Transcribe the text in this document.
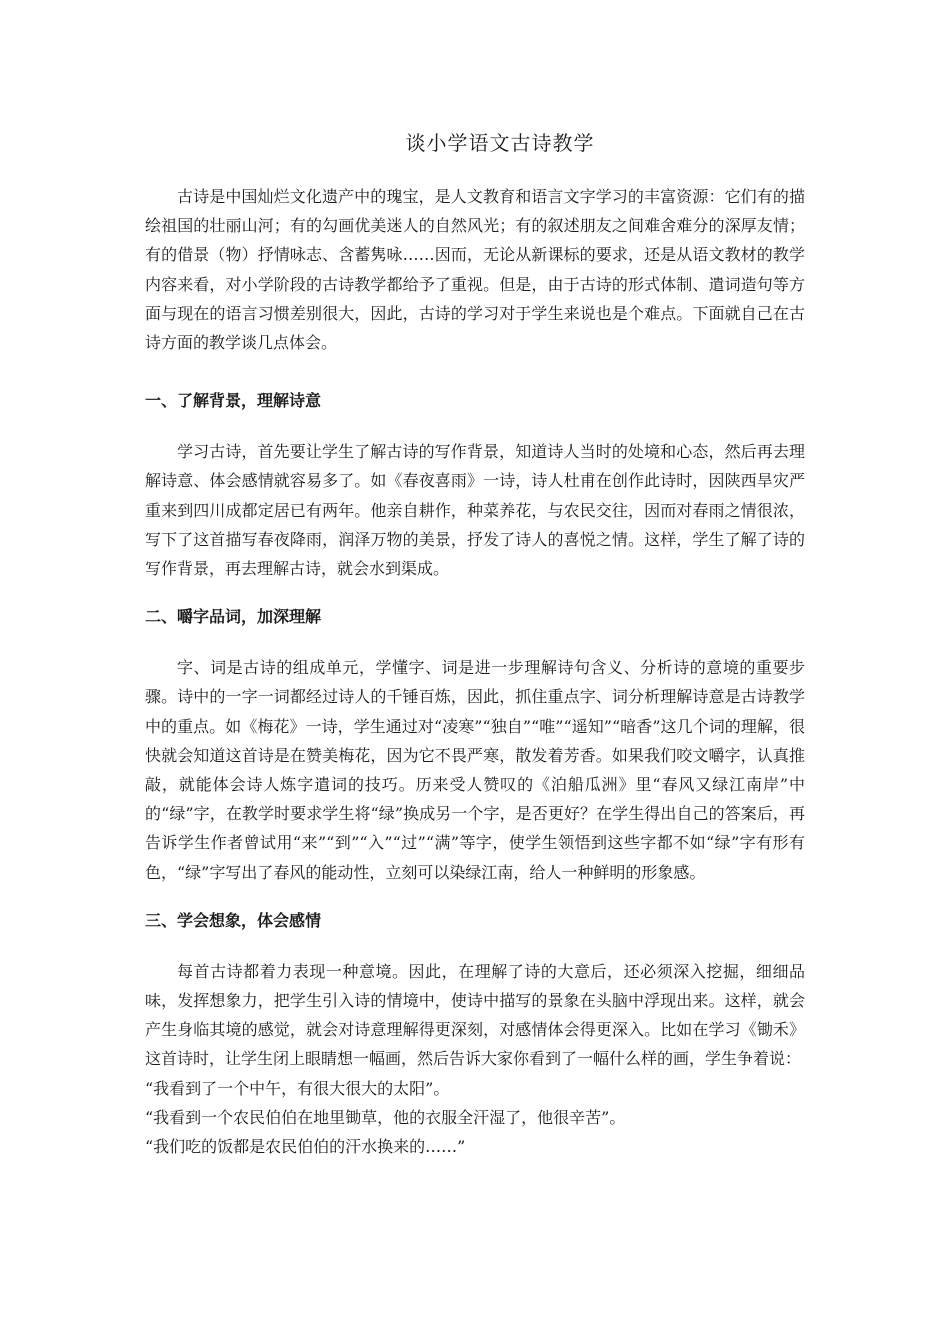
谈小学语文古诗教学

古诗是中国灿烂文化遗产中的瑰宝，是人文教育和语言文字学习的丰富资源：它们有的描绘祖国的壮丽山河；有的勾画优美迷人的自然风光；有的叙述朋友之间难舍难分的深厚友情；有的借景（物）抒情咏志、含蓄隽咏……因而，无论从新课标的要求，还是从语文教材的教学内容来看，对小学阶段的古诗教学都给予了重视。但是，由于古诗的形式体制、遣词造句等方面与现在的语言习惯差别很大，因此，古诗的学习对于学生来说也是个难点。下面就自己在古诗方面的教学谈几点体会。

一、了解背景，理解诗意

学习古诗，首先要让学生了解古诗的写作背景，知道诗人当时的处境和心态，然后再去理解诗意、体会感情就容易多了。如《春夜喜雨》一诗，诗人杜甫在创作此诗时，因陕西旱灾严重来到四川成都定居已有两年。他亲自耕作，种菜养花，与农民交往，因而对春雨之情很浓，写下了这首描写春夜降雨，润泽万物的美景，抒发了诗人的喜悦之情。这样，学生了解了诗的写作背景，再去理解古诗，就会水到渠成。

二、嚼字品词，加深理解

字、词是古诗的组成单元，学懂字、词是进一步理解诗句含义、分析诗的意境的重要步骤。诗中的一字一词都经过诗人的千锤百炼，因此，抓住重点字、词分析理解诗意是古诗教学中的重点。如《梅花》一诗，学生通过对“凌寒”“独自”“唯”“遥知”“暗香”这几个词的理解，很快就会知道这首诗是在赞美梅花，因为它不畏严寒，散发着芳香。如果我们咬文嚼字，认真推敲，就能体会诗人炼字遣词的技巧。历来受人赞叹的《泊船瓜洲》里“春风又绿江南岸”中的“绿”字，在教学时要求学生将“绿”换成另一个字，是否更好？在学生得出自己的答案后，再告诉学生作者曾试用“来”“到”“入”“过”“满”等字，使学生领悟到这些字都不如“绿”字有形有色，“绿”字写出了春风的能动性，立刻可以染绿江南，给人一种鲜明的形象感。

三、学会想象，体会感情

每首古诗都着力表现一种意境。因此，在理解了诗的大意后，还必须深入挖掘，细细品味，发挥想象力，把学生引入诗的情境中，使诗中描写的景象在头脑中浮现出来。这样，就会产生身临其境的感觉，就会对诗意理解得更深刻，对感情体会得更深入。比如在学习《锄禾》这首诗时，让学生闭上眼睛想一幅画，然后告诉大家你看到了一幅什么样的画，学生争着说：

“我看到了一个中午，有很大很大的太阳”。

“我看到一个农民伯伯在地里锄草，他的衣服全汗湿了，他很辛苦”。

“我们吃的饭都是农民伯伯的汗水换来的……”
